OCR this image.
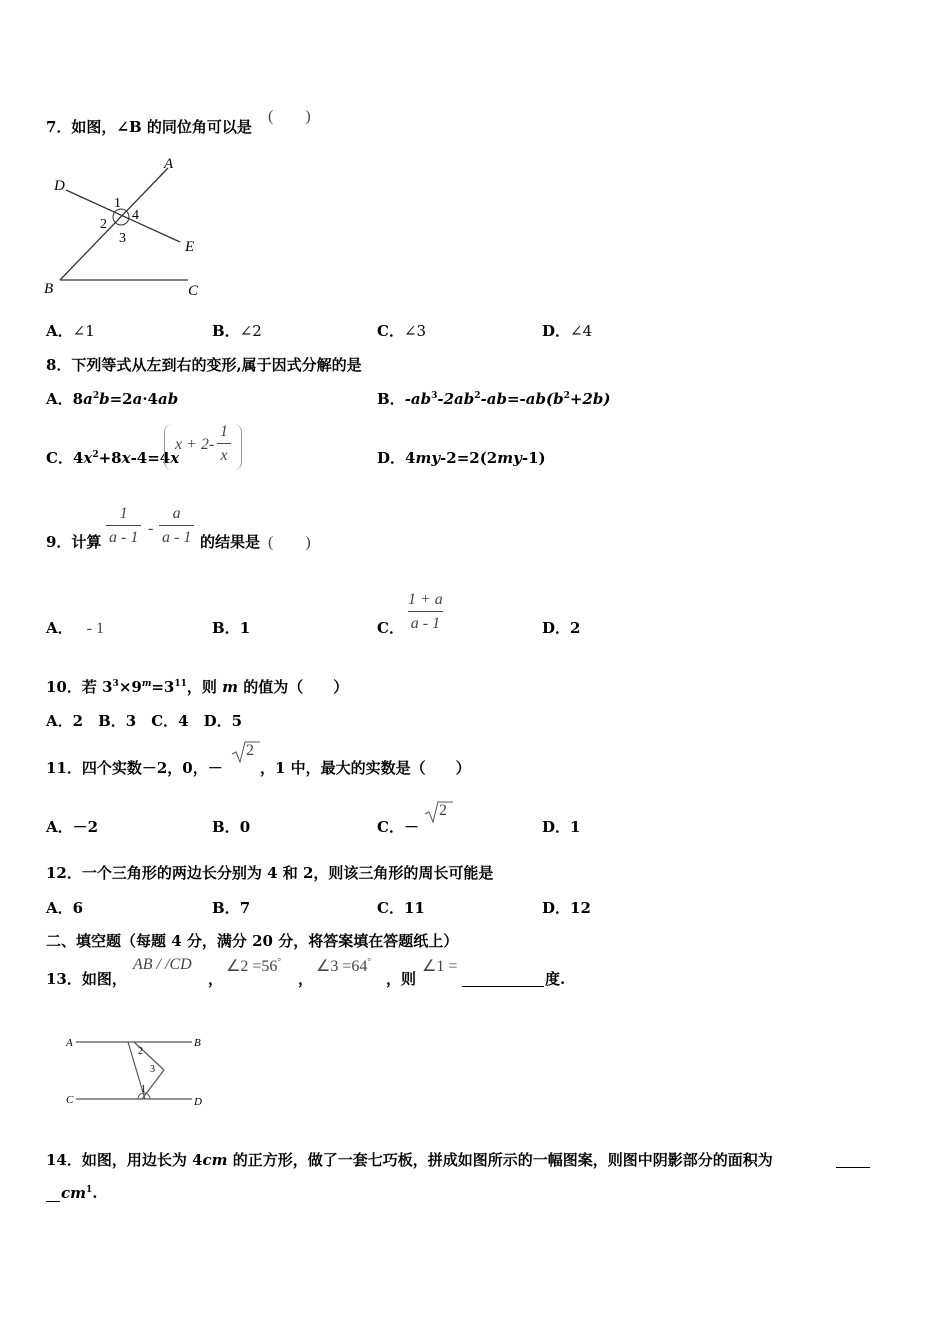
7．如图，∠B 的同位角可以是
(　　)
A
D
E
B	C
1
2
3
4
A．∠1	B．∠2	C．∠3	D．∠4
8．下列等式从左到右的变形,属于因式分解的是
A．$8a^2b=2a\cdot 4ab$	B．$-ab^3-2ab^2-ab=-ab(b^2+2b)$
C．$4x^2+8x-4=4x$
$x + 2- \frac{1}{x}$	D．4my-2=2(2my-1)
9．计算 $\frac{1}{a - 1} - \frac{a}{a - 1}$ 的结果是 (　　)
A． - 1	B．1	C． $\frac{1 + a}{a - 1}$	D．2
10．若 $3^3\times 9^m=3^{11}$，则 m 的值为（　　）
A．2　B．3　C．4　D．5
11．四个实数－2，0，－
2
，1 中，最大的实数是（　　）
A．－2	B．0	C．－
2
D．1
12．一个三角形的两边长分别为 4 和 2，则该三角形的周长可能是
A．6	B．7	C．11	D．12
二、填空题（每题 4 分，满分 20 分，将答案填在答题纸上）
13．如图，
AB / /CD
，
∠2 =56°
，
∠3 =64°
，则
∠1 =
度.
A	B
C	D
2
3
1
14．如图，用边长为 4cm 的正方形，做了一套七巧板，拼成如图所示的一幅图案，则图中阴影部分的面积为
$cm^1$.
